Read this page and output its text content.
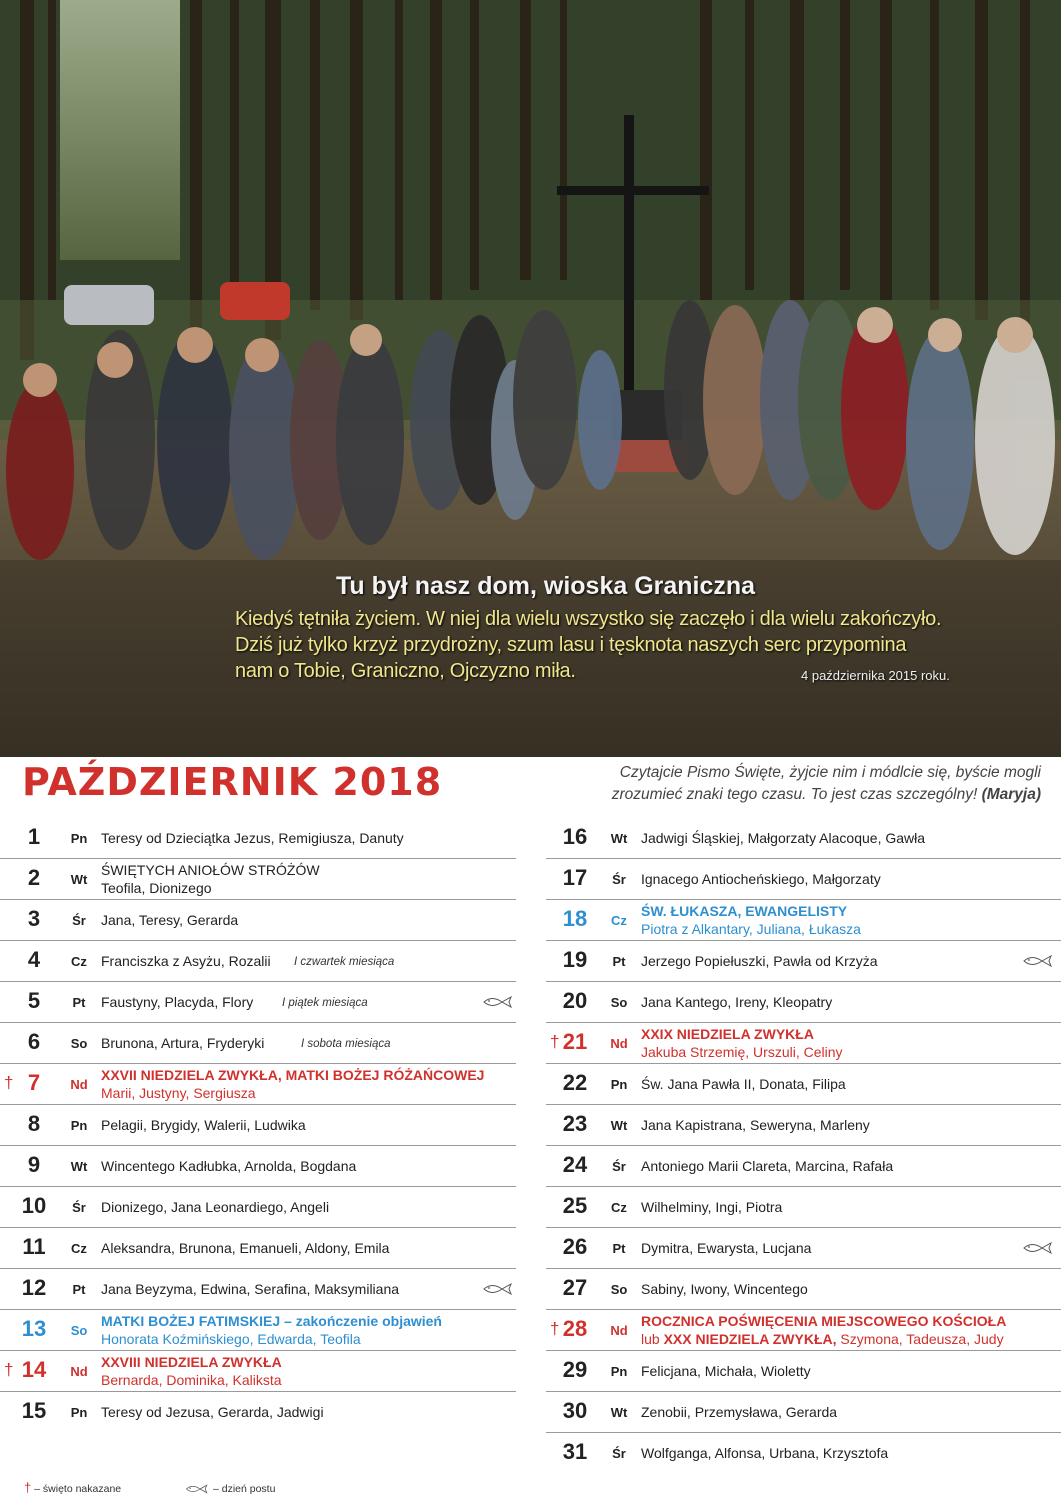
Tu był nasz dom, wioska Graniczna
Kiedyś tętniła życiem. W niej dla wielu wszystko się zaczęło i dla wielu zakończyło.
Dziś już tylko krzyż przydrożny, szum lasu i tęsknota naszych serc przypomina
nam o Tobie, Graniczno, Ojczyzno miła.	4 października 2015 roku.
PAŹDZIERNIK 2018	Czytajcie Pismo Święte, żyjcie nim i módlcie się, byście mogli
zrozumieć znaki tego czasu. To jest czas szczególny! (Maryja)
1	Pn Teresy od Dzieciątka Jezus, Remigiusza, Danuty
2	Wt
ŚWIĘTYCH ANIOŁÓW STRÓŻÓW
Teofila, Dionizego
3	Śr	Jana, Teresy, Gerarda
4	Cz	Franciszka z Asyżu, Rozalii I czwartek miesiąca
5	Pt	Faustyny, Placyda, Flory	I piątek miesiąca
6	So Brunona, Artura, Fryderyki	I sobota miesiąca
† 7	Nd
XXVII NIEDZIELA ZWYKŁA, MATKI BOŻEJ RÓŻAŃCOWEJ
Marii, Justyny, Sergiusza
8	Pn Pelagii, Brygidy, Walerii, Ludwika
9	Wt Wincentego Kadłubka, Arnolda, Bogdana
10	Śr	Dionizego, Jana Leonardiego, Angeli
11	Cz	Aleksandra, Brunona, Emanueli, Aldony, Emila
12	Pt	Jana Beyzyma, Edwina, Serafina, Maksymiliana
13	So
MATKI BOŻEJ FATIMSKIEJ – zakończenie objawień
Honorata Koźmińskiego, Edwarda, Teofila
† 14	Nd
XXVIII NIEDZIELA ZWYKŁA
Bernarda, Dominika, Kaliksta
15	Pn Teresy od Jezusa, Gerarda, Jadwigi
16	Wt Jadwigi Śląskiej, Małgorzaty Alacoque, Gawła
17	Śr	Ignacego Antiocheńskiego, Małgorzaty
18	Cz
ŚW. ŁUKASZA, EWANGELISTY
Piotra z Alkantary, Juliana, Łukasza
19	Pt	Jerzego Popiełuszki, Pawła od Krzyża
20	So Jana Kantego, Ireny, Kleopatry
† 21	Nd
XXIX NIEDZIELA ZWYKŁA
Jakuba Strzemię, Urszuli, Celiny
22	Pn Św. Jana Pawła II, Donata, Filipa
23	Wt Jana Kapistrana, Seweryna, Marleny
24	Śr	Antoniego Marii Clareta, Marcina, Rafała
25	Cz	Wilhelminy, Ingi, Piotra
26	Pt	Dymitra, Ewarysta, Lucjana
27	So Sabiny, Iwony, Wincentego
† 28	Nd
ROCZNICA POŚWIĘCENIA MIEJSCOWEGO KOŚCIOŁA
lub XXX NIEDZIELA ZWYKŁA, Szymona, Tadeusza, Judy
29	Pn Felicjana, Michała, Wioletty
30	Wt Zenobii, Przemysława, Gerarda
31	Śr	Wolfganga, Alfonsa, Urbana, Krzysztofa
† – święto nakazane	– dzień postu
